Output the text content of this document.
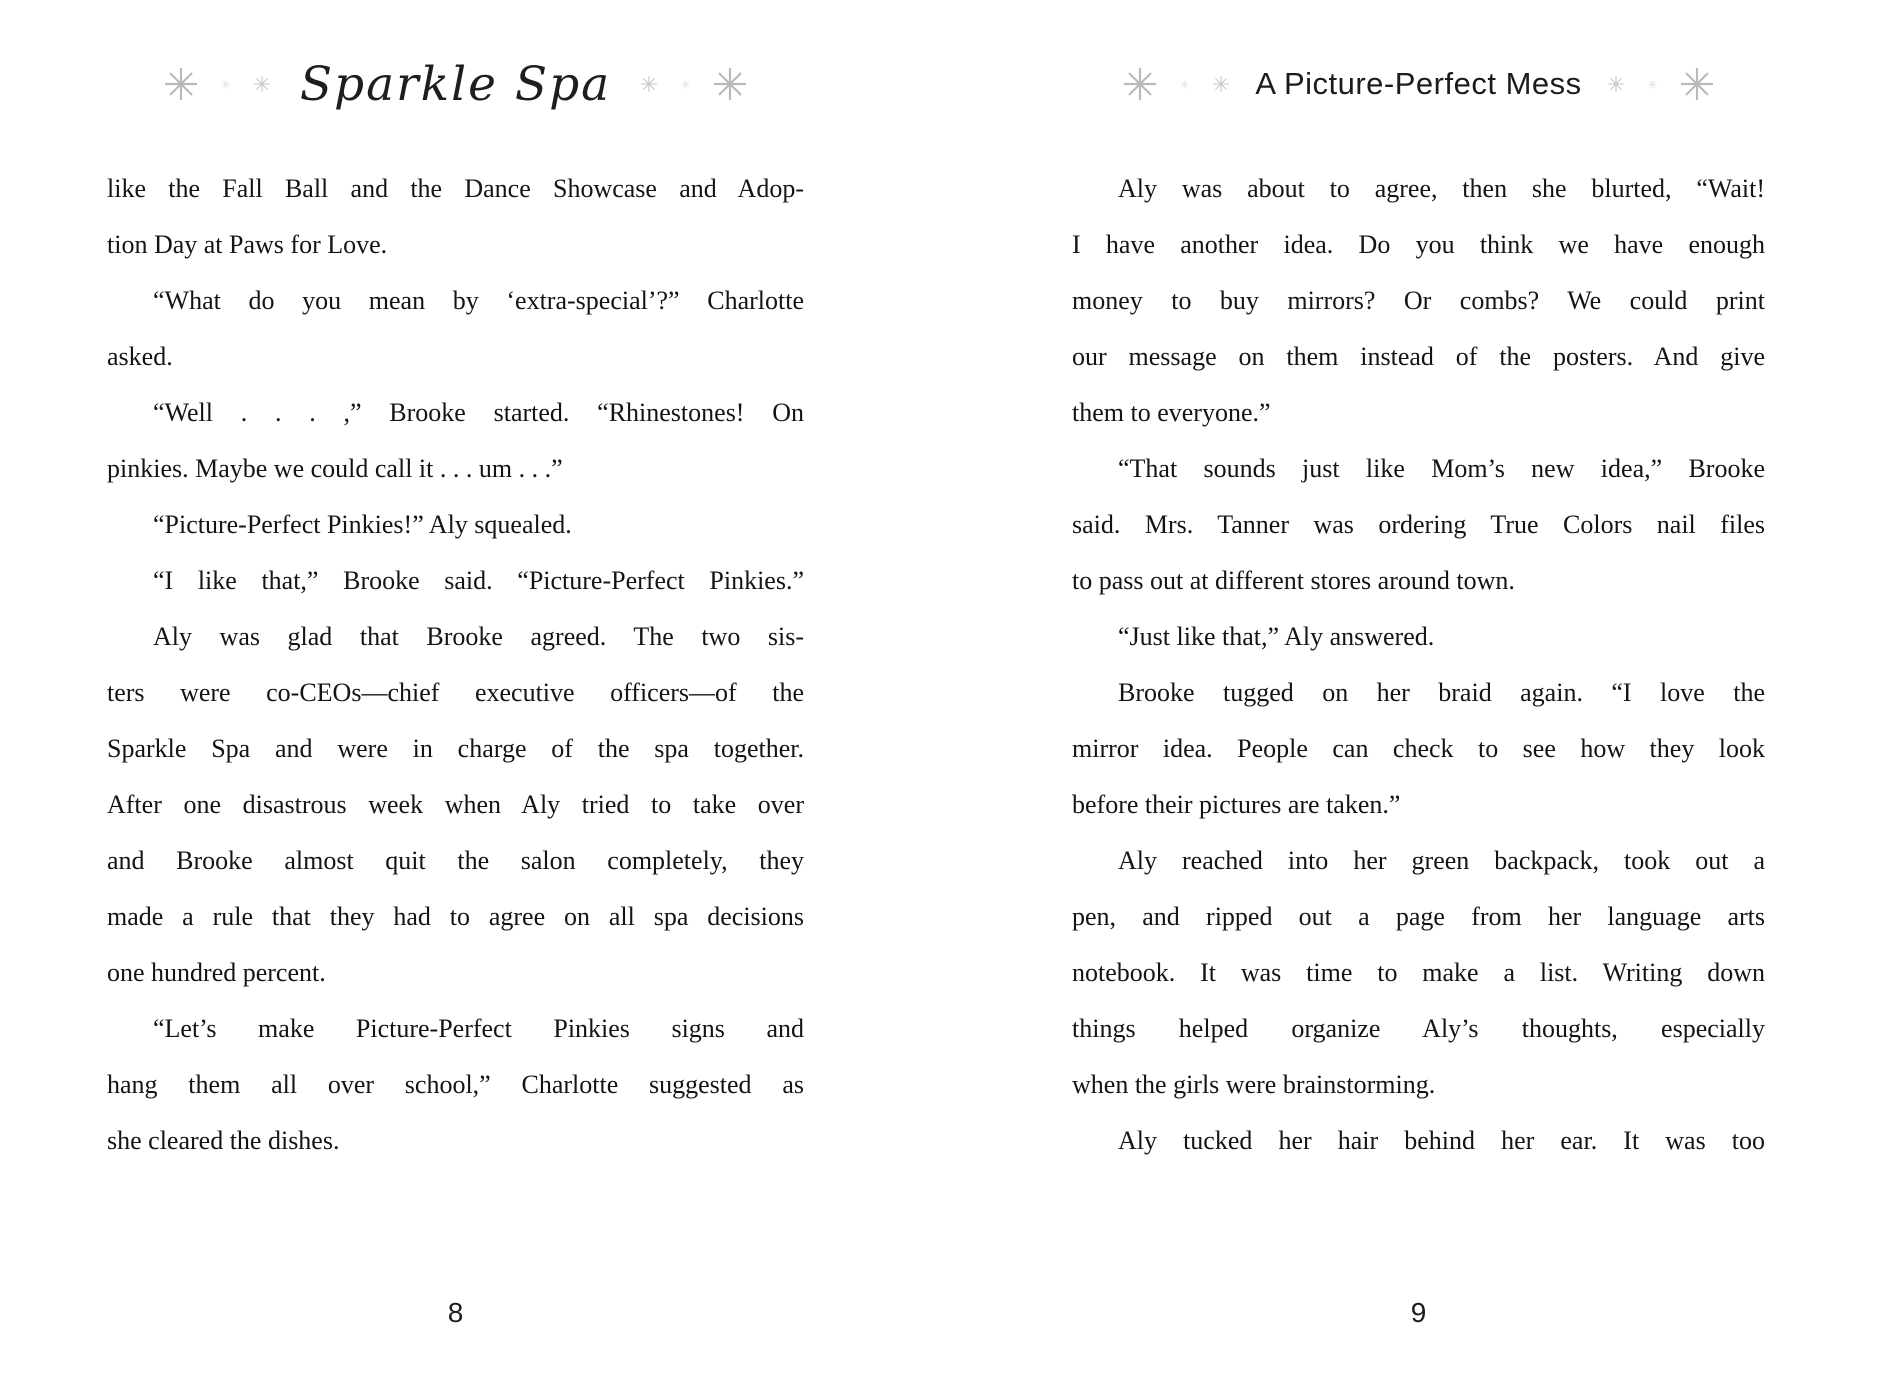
Sparkle Spa
like the Fall Ball and the Dance Showcase and Adop-
tion Day at Paws for Love.
“What do you mean by ‘extra-special’?” Charlotte
asked.
“Well . . . ,” Brooke started. “Rhinestones! On
pinkies. Maybe we could call it . . . um . . .”
“Picture-Perfect Pinkies!” Aly squealed.
“I like that,” Brooke said. “Picture-Perfect Pinkies.”
Aly was glad that Brooke agreed. The two sis-
ters were co-CEOs—chief executive officers—of the
Sparkle Spa and were in charge of the spa together.
After one disastrous week when Aly tried to take over
and Brooke almost quit the salon completely, they
made a rule that they had to agree on all spa decisions
one hundred percent.
“Let’s make Picture-Perfect Pinkies signs and
hang them all over school,” Charlotte suggested as
she cleared the dishes.
8
A Picture-Perfect Mess
Aly was about to agree, then she blurted, “Wait!
I have another idea. Do you think we have enough
money to buy mirrors? Or combs? We could print
our message on them instead of the posters. And give
them to everyone.”
“That sounds just like Mom’s new idea,” Brooke
said. Mrs. Tanner was ordering True Colors nail files
to pass out at different stores around town.
“Just like that,” Aly answered.
Brooke tugged on her braid again. “I love the
mirror idea. People can check to see how they look
before their pictures are taken.”
Aly reached into her green backpack, took out a
pen, and ripped out a page from her language arts
notebook. It was time to make a list. Writing down
things helped organize Aly’s thoughts, especially
when the girls were brainstorming.
Aly tucked her hair behind her ear. It was too
9
